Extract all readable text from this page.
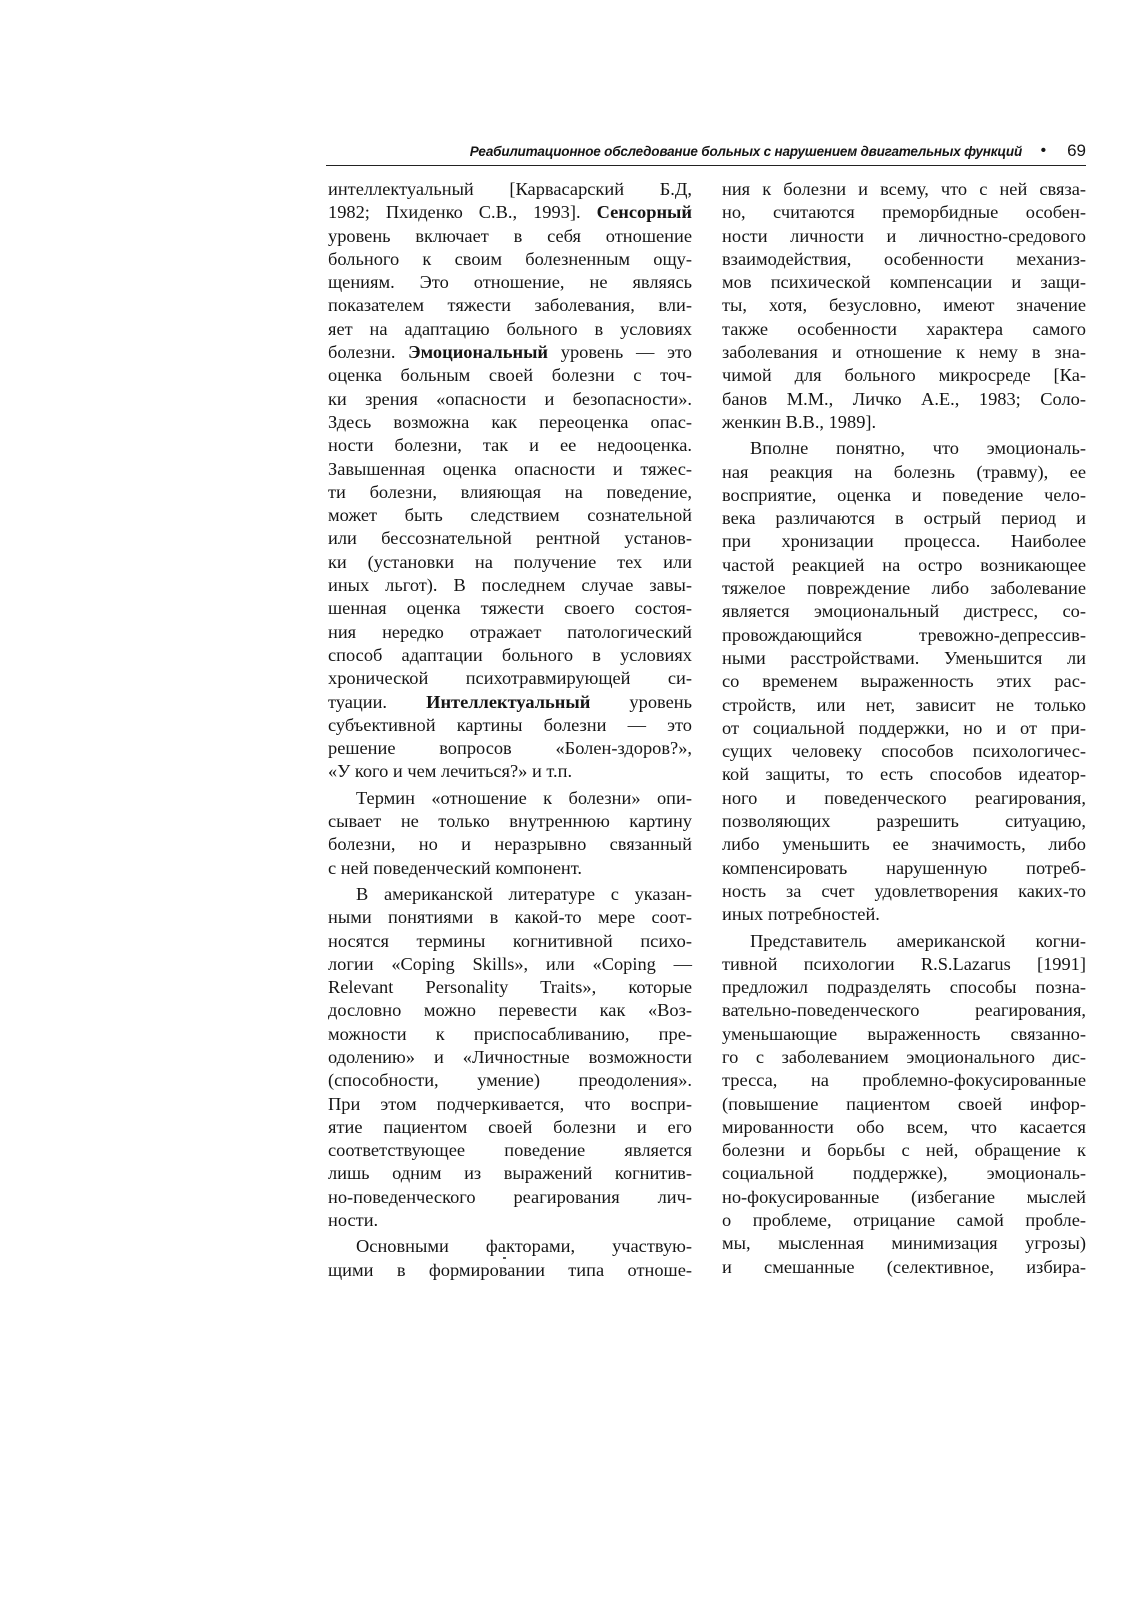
Реабилитационное обследование больных с нарушением двигательных функций • 69
интеллектуальный [Карвасарский Б.Д,
1982; Пхиденко С.В., 1993]. Сенсорный
уровень включает в себя отношение
больного к своим болезненным ощу-
щениям. Это отношение, не являясь
показателем тяжести заболевания, вли-
яет на адаптацию больного в условиях
болезни. Эмоциональный уровень — это
оценка больным своей болезни с точ-
ки зрения «опасности и безопасности».
Здесь возможна как переоценка опас-
ности болезни, так и ее недооценка.
Завышенная оценка опасности и тяжес-
ти болезни, влияющая на поведение,
может быть следствием сознательной
или бессознательной рентной установ-
ки (установки на получение тех или
иных льгот). В последнем случае завы-
шенная оценка тяжести своего состоя-
ния нередко отражает патологический
способ адаптации больного в условиях
хронической психотравмирующей си-
туации. Интеллектуальный уровень
субъективной картины болезни — это
решение вопросов «Болен-здоров?»,
«У кого и чем лечиться?» и т.п.
Термин «отношение к болезни» опи-
сывает не только внутреннюю картину
болезни, но и неразрывно связанный
с ней поведенческий компонент.
В американской литературе с указан-
ными понятиями в какой-то мере соот-
носятся термины когнитивной психо-
логии «Coping Skills», или «Coping —
Relevant Personality Traits», которые
дословно можно перевести как «Воз-
можности к приспосабливанию, пре-
одолению» и «Личностные возможности
(способности, умение) преодоления».
При этом подчеркивается, что воспри-
ятие пациентом своей болезни и его
соответствующее поведение является
лишь одним из выражений когнитив-
но-поведенческого реагирования лич-
ности.
Основными факторами, участвую-
щими в формировании типа отноше-
ния к болезни и всему, что с ней связа-
но, считаются преморбидные особен-
ности личности и личностно-средового
взаимодействия, особенности механиз-
мов психической компенсации и защи-
ты, хотя, безусловно, имеют значение
также особенности характера самого
заболевания и отношение к нему в зна-
чимой для больного микросреде [Ка-
банов М.М., Личко А.Е., 1983; Соло-
женкин В.В., 1989].
Вполне понятно, что эмоциональ-
ная реакция на болезнь (травму), ее
восприятие, оценка и поведение чело-
века различаются в острый период и
при хронизации процесса. Наиболее
частой реакцией на остро возникающее
тяжелое повреждение либо заболевание
является эмоциональный дистресс, со-
провождающийся тревожно-депрессив-
ными расстройствами. Уменьшится ли
со временем выраженность этих рас-
стройств, или нет, зависит не только
от социальной поддержки, но и от при-
сущих человеку способов психологичес-
кой защиты, то есть способов идеатор-
ного и поведенческого реагирования,
позволяющих разрешить ситуацию,
либо уменьшить ее значимость, либо
компенсировать нарушенную потреб-
ность за счет удовлетворения каких-то
иных потребностей.
Представитель американской когни-
тивной психологии R.S.Lazarus [1991]
предложил подразделять способы позна-
вательно-поведенческого реагирования,
уменьшающие выраженность связанно-
го с заболеванием эмоционального дис-
тресса, на проблемно-фокусированные
(повышение пациентом своей инфор-
мированности обо всем, что касается
болезни и борьбы с ней, обращение к
социальной поддержке), эмоциональ-
но-фокусированные (избегание мыслей
о проблеме, отрицание самой пробле-
мы, мысленная минимизация угрозы)
и смешанные (селективное, избира-
